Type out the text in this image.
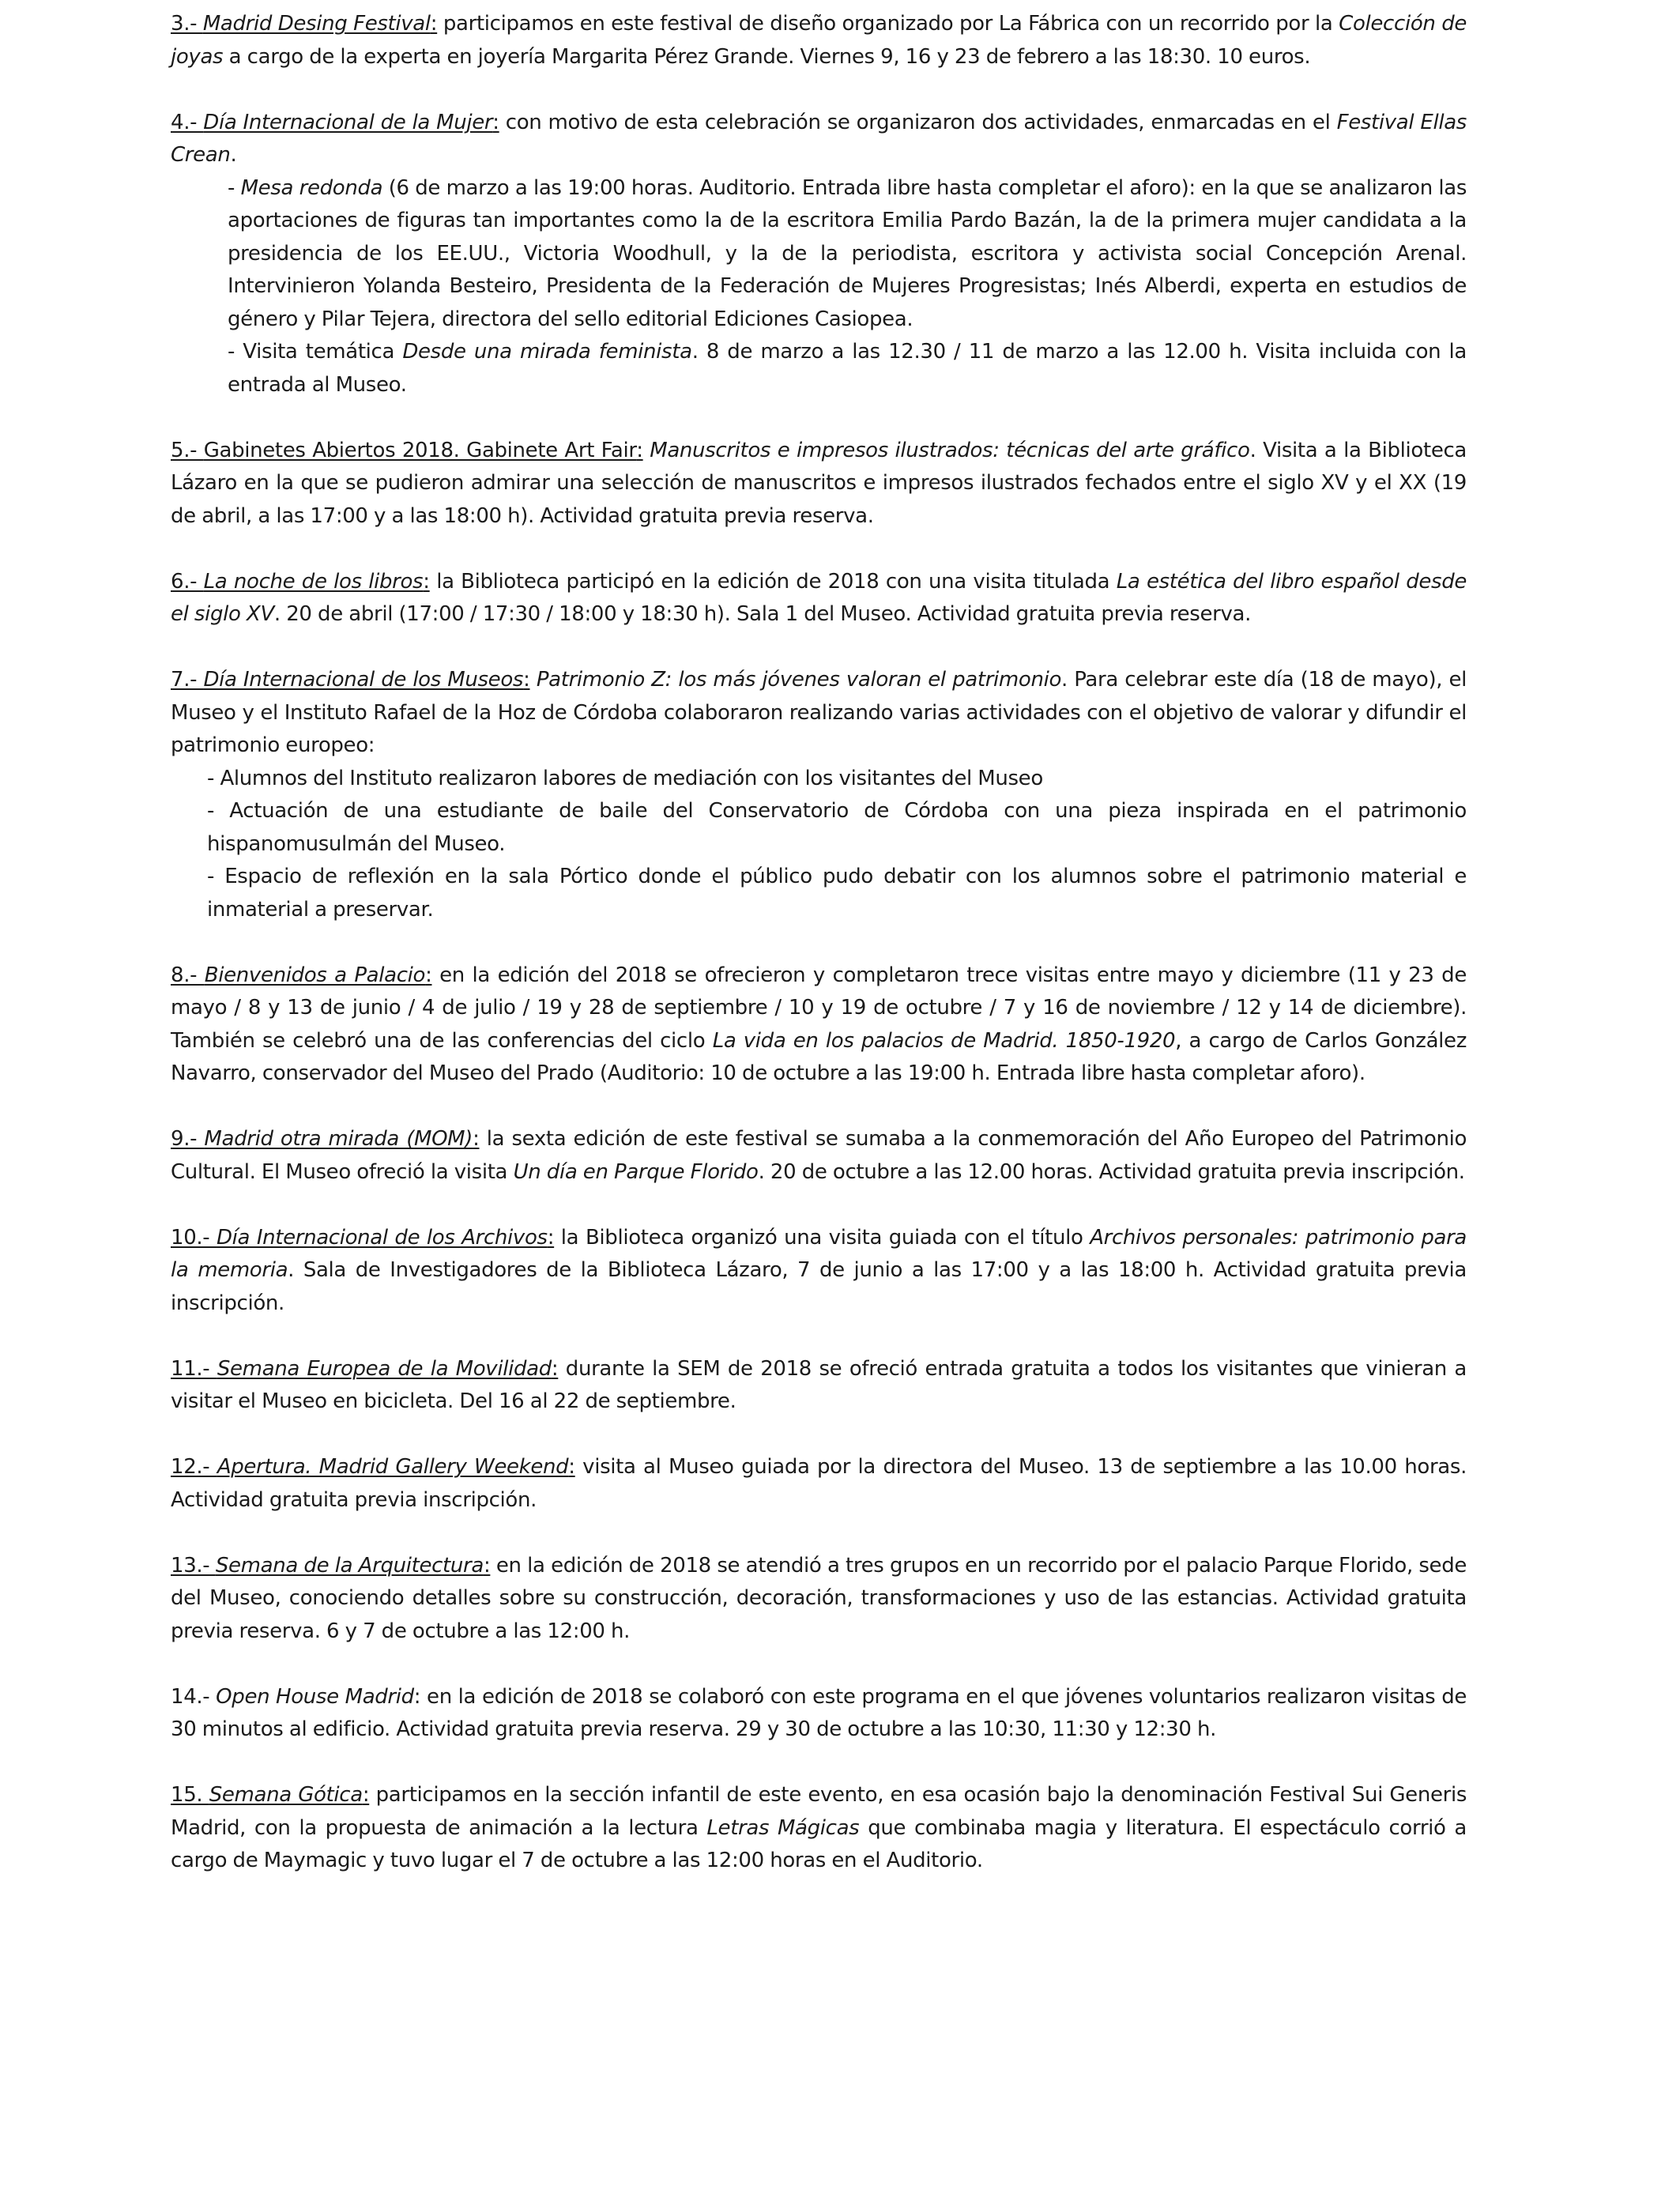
3.- Madrid Desing Festival: participamos en este festival de diseño organizado por La Fábrica con un recorrido por la Colección de joyas a cargo de la experta en joyería Margarita Pérez Grande. Viernes 9, 16 y 23 de febrero a las 18:30. 10 euros.

4.- Día Internacional de la Mujer: con motivo de esta celebración se organizaron dos actividades, enmarcadas en el Festival Ellas Crean.

- Mesa redonda (6 de marzo a las 19:00 horas. Auditorio. Entrada libre hasta completar el aforo): en la que se analizaron las aportaciones de figuras tan importantes como la de la escritora Emilia Pardo Bazán, la de la primera mujer candidata a la presidencia de los EE.UU., Victoria Woodhull, y la de la periodista, escritora y activista social Concepción Arenal. Intervinieron Yolanda Besteiro, Presidenta de la Federación de Mujeres Progresistas; Inés Alberdi, experta en estudios de género y Pilar Tejera, directora del sello editorial Ediciones Casiopea.
- Visita temática Desde una mirada feminista. 8 de marzo a las 12.30 / 11 de marzo a las 12.00 h. Visita incluida con la entrada al Museo.

5.- Gabinetes Abiertos 2018. Gabinete Art Fair: Manuscritos e impresos ilustrados: técnicas del arte gráfico. Visita a la Biblioteca Lázaro en la que se pudieron admirar una selección de manuscritos e impresos ilustrados fechados entre el siglo XV y el XX (19 de abril, a las 17:00 y a las 18:00 h). Actividad gratuita previa reserva.

6.- La noche de los libros: la Biblioteca participó en la edición de 2018 con una visita titulada La estética del libro español desde el siglo XV. 20 de abril (17:00 / 17:30 / 18:00 y 18:30 h). Sala 1 del Museo. Actividad gratuita previa reserva.

7.- Día Internacional de los Museos: Patrimonio Z: los más jóvenes valoran el patrimonio. Para celebrar este día (18 de mayo), el Museo y el Instituto Rafael de la Hoz de Córdoba colaboraron realizando varias actividades con el objetivo de valorar y difundir el patrimonio europeo:

- Alumnos del Instituto realizaron labores de mediación con los visitantes del Museo
- Actuación de una estudiante de baile del Conservatorio de Córdoba con una pieza inspirada en el patrimonio hispanomusulmán del Museo.
- Espacio de reflexión en la sala Pórtico donde el público pudo debatir con los alumnos sobre el patrimonio material e inmaterial a preservar.

8.- Bienvenidos a Palacio: en la edición del 2018 se ofrecieron y completaron trece visitas entre mayo y diciembre (11 y 23 de mayo / 8 y 13 de junio / 4 de julio / 19 y 28 de septiembre / 10 y 19 de octubre / 7 y 16 de noviembre / 12 y 14 de diciembre). También se celebró una de las conferencias del ciclo La vida en los palacios de Madrid. 1850-1920, a cargo de Carlos González Navarro, conservador del Museo del Prado (Auditorio: 10 de octubre a las 19:00 h. Entrada libre hasta completar aforo).

9.- Madrid otra mirada (MOM): la sexta edición de este festival se sumaba a la conmemoración del Año Europeo del Patrimonio Cultural. El Museo ofreció la visita Un día en Parque Florido. 20 de octubre a las 12.00 horas. Actividad gratuita previa inscripción.

10.- Día Internacional de los Archivos: la Biblioteca organizó una visita guiada con el título Archivos personales: patrimonio para la memoria. Sala de Investigadores de la Biblioteca Lázaro, 7 de junio a las 17:00 y a las 18:00 h. Actividad gratuita previa inscripción.

11.- Semana Europea de la Movilidad: durante la SEM de 2018 se ofreció entrada gratuita a todos los visitantes que vinieran a visitar el Museo en bicicleta. Del 16 al 22 de septiembre.

12.- Apertura. Madrid Gallery Weekend: visita al Museo guiada por la directora del Museo. 13 de septiembre a las 10.00 horas. Actividad gratuita previa inscripción.

13.- Semana de la Arquitectura: en la edición de 2018 se atendió a tres grupos en un recorrido por el palacio Parque Florido, sede del Museo, conociendo detalles sobre su construcción, decoración, transformaciones y uso de las estancias. Actividad gratuita previa reserva. 6 y 7 de octubre a las 12:00 h.

14.- Open House Madrid: en la edición de 2018 se colaboró con este programa en el que jóvenes voluntarios realizaron visitas de 30 minutos al edificio. Actividad gratuita previa reserva. 29 y 30 de octubre a las 10:30, 11:30 y 12:30 h.

15. Semana Gótica: participamos en la sección infantil de este evento, en esa ocasión bajo la denominación Festival Sui Generis Madrid, con la propuesta de animación a la lectura Letras Mágicas que combinaba magia y literatura. El espectáculo corrió a cargo de Maymagic y tuvo lugar el 7 de octubre a las 12:00 horas en el Auditorio.
